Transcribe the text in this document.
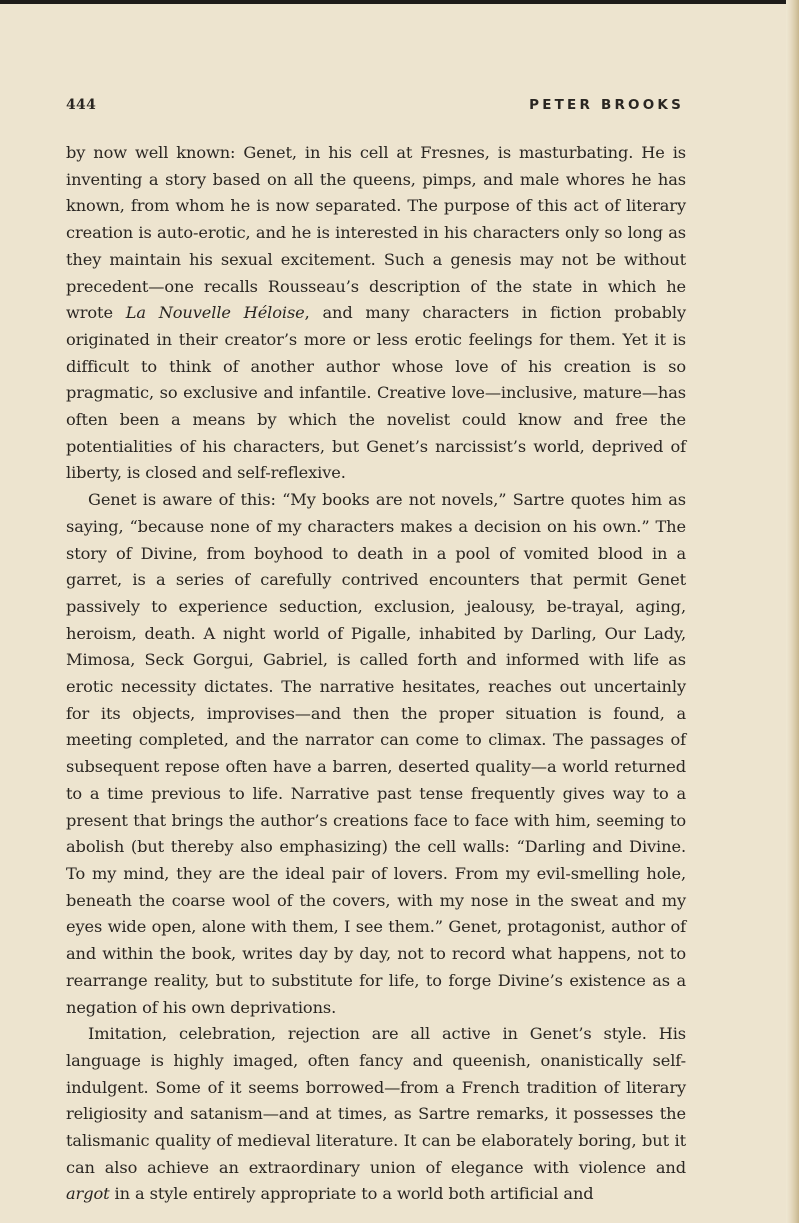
444	PETER BROOKS

by now well known: Genet, in his cell at Fresnes, is masturbating. He is inventing a story based on all the queens, pimps, and male whores he has known, from whom he is now separated. The purpose of this act of literary creation is auto-erotic, and he is interested in his characters only so long as they maintain his sexual excitement. Such a genesis may not be without precedent—one recalls Rousseau’s description of the state in which he wrote La Nouvelle Héloise, and many characters in fiction probably originated in their creator’s more or less erotic feelings for them. Yet it is difficult to think of another author whose love of his creation is so pragmatic, so exclusive and infantile. Creative love—inclusive, mature—has often been a means by which the novelist could know and free the potentialities of his characters, but Genet’s narcissist’s world, deprived of liberty, is closed and self-reflexive.

Genet is aware of this: “My books are not novels,” Sartre quotes him as saying, “because none of my characters makes a decision on his own.” The story of Divine, from boyhood to death in a pool of vomited blood in a garret, is a series of carefully contrived encounters that permit Genet passively to experience seduction, exclusion, jealousy, be-trayal, aging, heroism, death. A night world of Pigalle, inhabited by Darling, Our Lady, Mimosa, Seck Gorgui, Gabriel, is called forth and informed with life as erotic necessity dictates. The narrative hesitates, reaches out uncertainly for its objects, improvises—and then the proper situation is found, a meeting completed, and the narrator can come to climax. The passages of subsequent repose often have a barren, deserted quality—a world returned to a time previous to life. Narrative past tense frequently gives way to a present that brings the author’s creations face to face with him, seeming to abolish (but thereby also emphasizing) the cell walls: “Darling and Divine. To my mind, they are the ideal pair of lovers. From my evil-smelling hole, beneath the coarse wool of the covers, with my nose in the sweat and my eyes wide open, alone with them, I see them.” Genet, protagonist, author of and within the book, writes day by day, not to record what happens, not to rearrange reality, but to substitute for life, to forge Divine’s existence as a negation of his own deprivations.

Imitation, celebration, rejection are all active in Genet’s style. His language is highly imaged, often fancy and queenish, onanistically self-indulgent. Some of it seems borrowed—from a French tradition of literary religiosity and satanism—and at times, as Sartre remarks, it possesses the talismanic quality of medieval literature. It can be elaborately boring, but it can also achieve an extraordinary union of elegance with violence and argot in a style entirely appropriate to a world both artificial and
